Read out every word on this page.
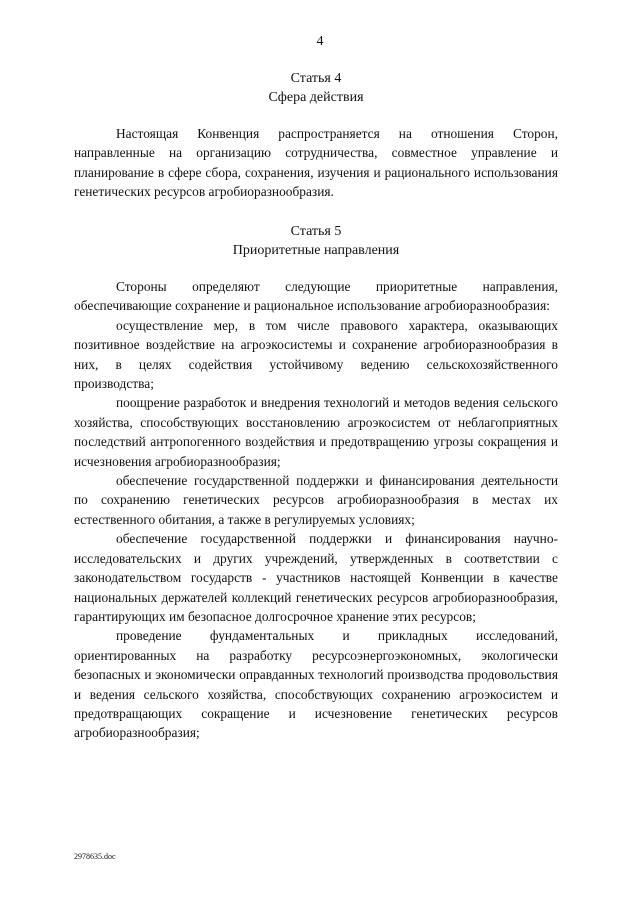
4
Статья 4
Сфера действия

Настоящая Конвенция распространяется на отношения Сторон, направленные на организацию сотрудничества, совместное управление и планирование в сфере сбора, сохранения, изучения и рационального использования генетических ресурсов агробиоразнообразия.

Статья 5
Приоритетные направления

Стороны определяют следующие приоритетные направления, обеспечивающие сохранение и рациональное использование агробиоразнообразия:

осуществление мер, в том числе правового характера, оказывающих позитивное воздействие на агроэкосистемы и сохранение агробиоразнообразия в них, в целях содействия устойчивому ведению сельскохозяйственного производства;

поощрение разработок и внедрения технологий и методов ведения сельского хозяйства, способствующих восстановлению агроэкосистем от неблагоприятных последствий антропогенного воздействия и предотвращению угрозы сокращения и исчезновения агробиоразнообразия;

обеспечение государственной поддержки и финансирования деятельности по сохранению генетических ресурсов агробиоразнообразия в местах их естественного обитания, а также в регулируемых условиях;

обеспечение государственной поддержки и финансирования научно-исследовательских и других учреждений, утвержденных в соответствии с законодательством государств - участников настоящей Конвенции в качестве национальных держателей коллекций генетических ресурсов агробиоразнообразия, гарантирующих им безопасное долгосрочное хранение этих ресурсов;

проведение фундаментальных и прикладных исследований, ориентированных на разработку ресурсоэнергоэкономных, экологически безопасных и экономически оправданных технологий производства продовольствия и ведения сельского хозяйства, способствующих сохранению агроэкосистем и предотвращающих сокращение и исчезновение генетических ресурсов агробиоразнообразия;

2978635.doc
